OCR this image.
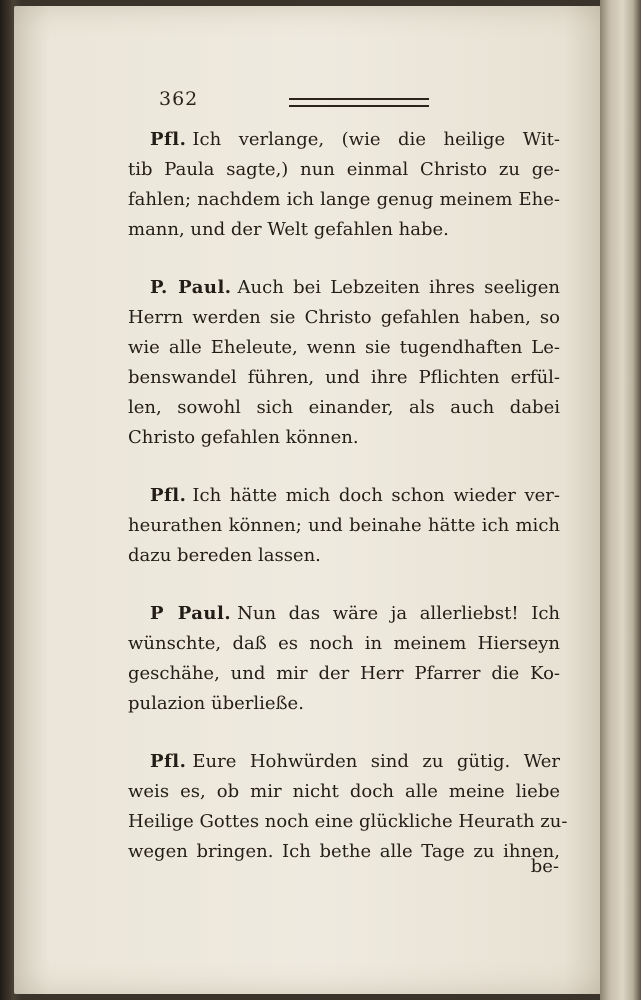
362

Pfl. Ich verlange, (wie die heilige Wit-
tib Paula sagte,) nun einmal Christo zu ge-
fahlen; nachdem ich lange genug meinem Ehe-
mann, und der Welt gefahlen habe.

P. Paul. Auch bei Lebzeiten ihres seeligen
Herrn werden sie Christo gefahlen haben, so
wie alle Eheleute, wenn sie tugendhaften Le-
benswandel führen, und ihre Pflichten erfül-
len, sowohl sich einander, als auch dabei
Christo gefahlen können.

Pfl. Ich hätte mich doch schon wieder ver-
heurathen können; und beinahe hätte ich mich
dazu bereden lassen.

P Paul. Nun das wäre ja allerliebst! Ich
wünschte, daß es noch in meinem Hierseyn
geschähe, und mir der Herr Pfarrer die Ko-
pulazion überließe.

Pfl. Eure Hohwürden sind zu gütig. Wer
weis es, ob mir nicht doch alle meine liebe
Heilige Gottes noch eine glückliche Heurath zu-
wegen bringen. Ich bethe alle Tage zu ihnen,

be-
